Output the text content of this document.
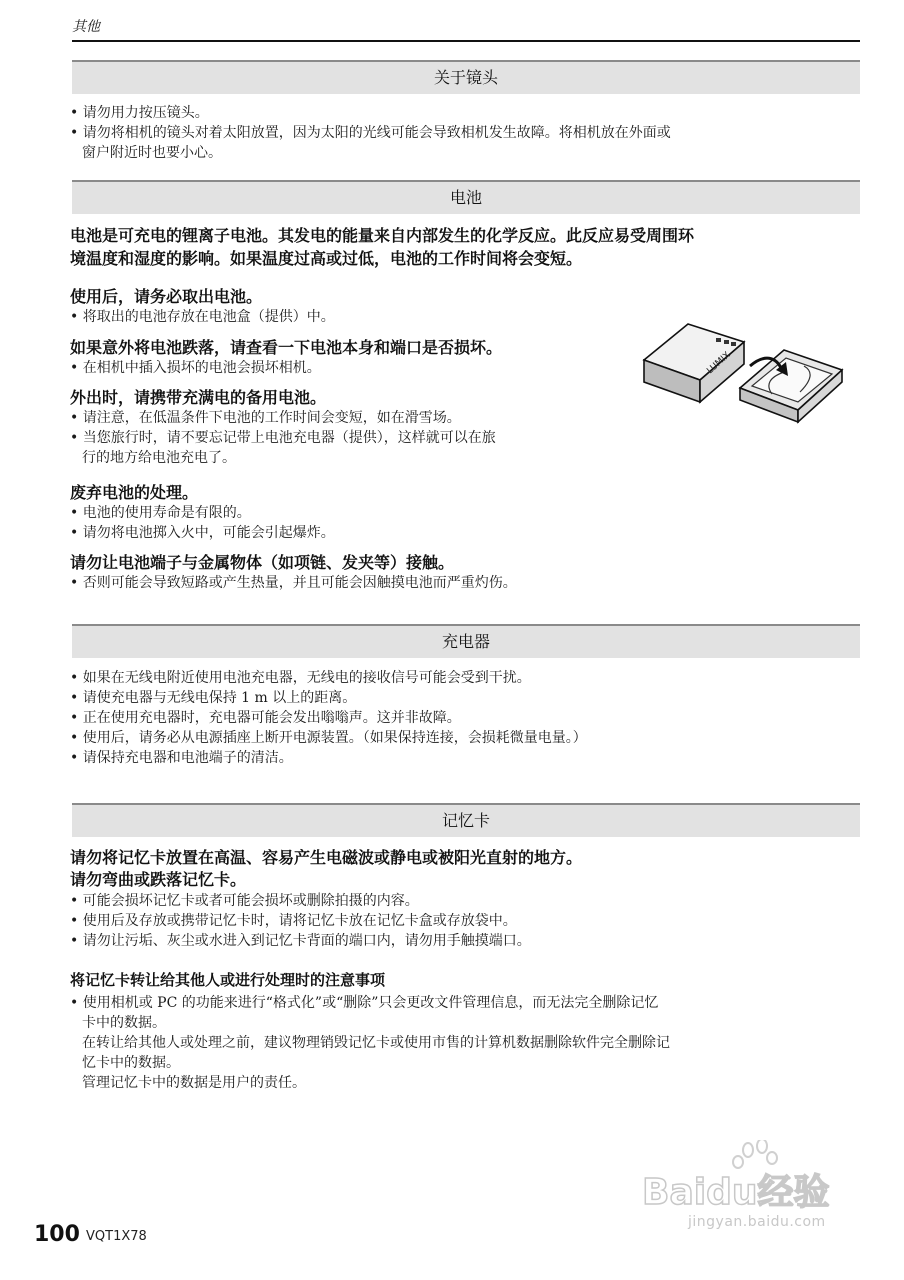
其他
关于镜头
• 请勿用力按压镜头。
• 请勿将相机的镜头对着太阳放置，因为太阳的光线可能会导致相机发生故障。将相机放在外面或
窗户附近时也要小心。
电池
电池是可充电的锂离子电池。其发电的能量来自内部发生的化学反应。此反应易受周围环
境温度和湿度的影响。如果温度过高或过低，电池的工作时间将会变短。
使用后，请务必取出电池。
• 将取出的电池存放在电池盒（提供）中。
如果意外将电池跌落，请查看一下电池本身和端口是否损坏。
• 在相机中插入损坏的电池会损坏相机。
外出时，请携带充满电的备用电池。
• 请注意，在低温条件下电池的工作时间会变短，如在滑雪场。
• 当您旅行时，请不要忘记带上电池充电器（提供），这样就可以在旅
行的地方给电池充电了。
废弃电池的处理。
• 电池的使用寿命是有限的。
• 请勿将电池掷入火中，可能会引起爆炸。
请勿让电池端子与金属物体（如项链、发夹等）接触。
• 否则可能会导致短路或产生热量，并且可能会因触摸电池而严重灼伤。
LUMIX
充电器
• 如果在无线电附近使用电池充电器，无线电的接收信号可能会受到干扰。
• 请使充电器与无线电保持 1 m 以上的距离。
• 正在使用充电器时，充电器可能会发出嗡嗡声。这并非故障。
• 使用后，请务必从电源插座上断开电源装置。（如果保持连接，会损耗微量电量。）
• 请保持充电器和电池端子的清洁。
记忆卡
请勿将记忆卡放置在高温、容易产生电磁波或静电或被阳光直射的地方。
请勿弯曲或跌落记忆卡。
• 可能会损坏记忆卡或者可能会损坏或删除拍摄的内容。
• 使用后及存放或携带记忆卡时，请将记忆卡放在记忆卡盒或存放袋中。
• 请勿让污垢、灰尘或水进入到记忆卡背面的端口内，请勿用手触摸端口。
将记忆卡转让给其他人或进行处理时的注意事项
• 使用相机或 PC 的功能来进行“格式化”或“删除”只会更改文件管理信息，而无法完全删除记忆
卡中的数据。
在转让给其他人或处理之前，建议物理销毁记忆卡或使用市售的计算机数据删除软件完全删除记
忆卡中的数据。
管理记忆卡中的数据是用户的责任。
Baidu经验
jingyan.baidu.com
100 VQT1X78
